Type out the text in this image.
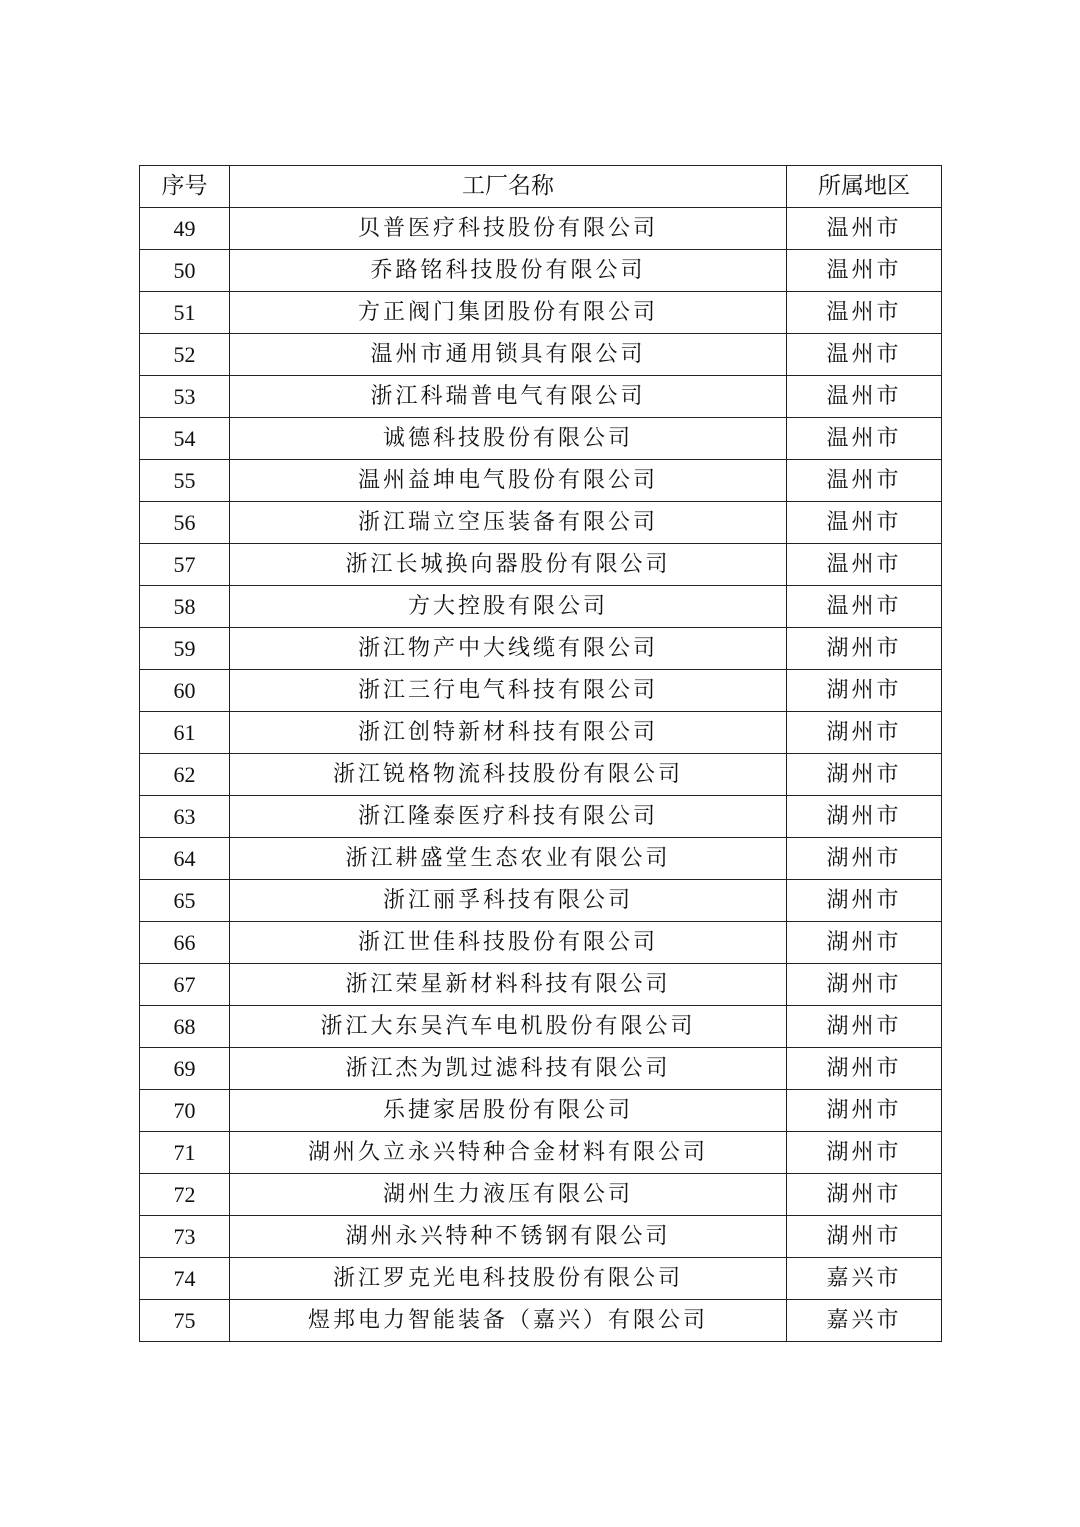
序号	工厂名称	所属地区
49	贝普医疗科技股份有限公司	温州市
50	乔路铭科技股份有限公司	温州市
51	方正阀门集团股份有限公司	温州市
52	温州市通用锁具有限公司	温州市
53	浙江科瑞普电气有限公司	温州市
54	诚德科技股份有限公司	温州市
55	温州益坤电气股份有限公司	温州市
56	浙江瑞立空压装备有限公司	温州市
57	浙江长城换向器股份有限公司	温州市
58	方大控股有限公司	温州市
59	浙江物产中大线缆有限公司	湖州市
60	浙江三行电气科技有限公司	湖州市
61	浙江创特新材科技有限公司	湖州市
62	浙江锐格物流科技股份有限公司	湖州市
63	浙江隆泰医疗科技有限公司	湖州市
64	浙江耕盛堂生态农业有限公司	湖州市
65	浙江丽孚科技有限公司	湖州市
66	浙江世佳科技股份有限公司	湖州市
67	浙江荣星新材料科技有限公司	湖州市
68	浙江大东吴汽车电机股份有限公司	湖州市
69	浙江杰为凯过滤科技有限公司	湖州市
70	乐捷家居股份有限公司	湖州市
71	湖州久立永兴特种合金材料有限公司	湖州市
72	湖州生力液压有限公司	湖州市
73	湖州永兴特种不锈钢有限公司	湖州市
74	浙江罗克光电科技股份有限公司	嘉兴市
75	煜邦电力智能装备（嘉兴）有限公司	嘉兴市
